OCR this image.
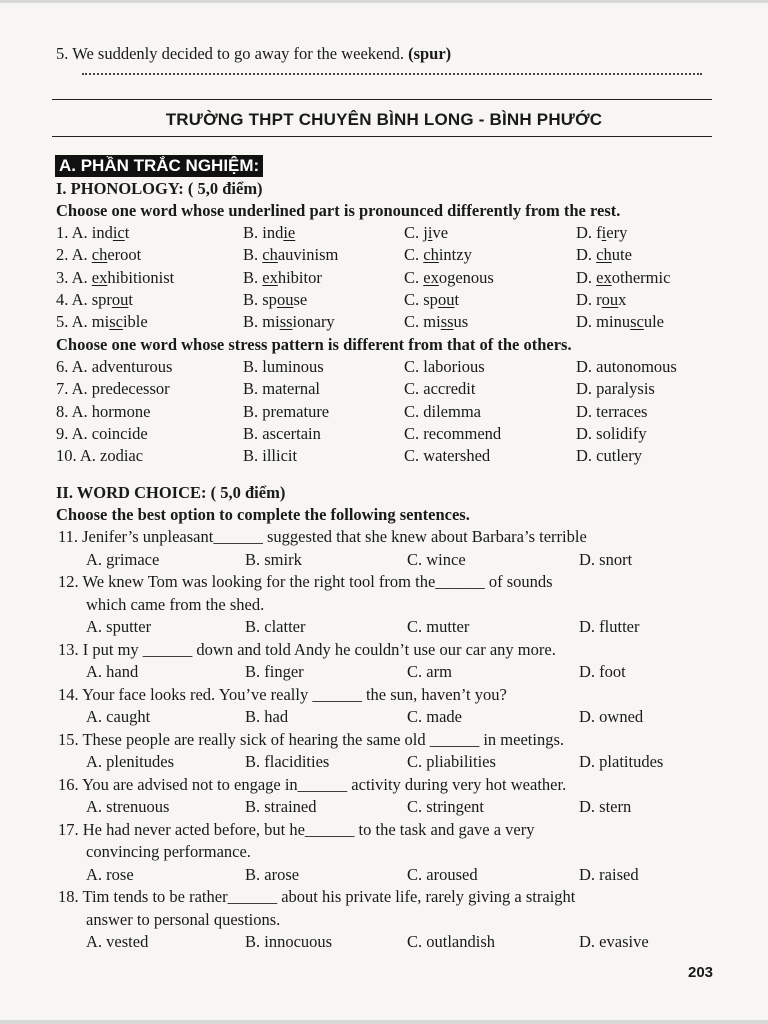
5. We suddenly decided to go away for the weekend. (spur)
TRƯỜNG THPT CHUYÊN BÌNH LONG - BÌNH PHƯỚC
A. PHẦN TRẮC NGHIỆM:
I. PHONOLOGY: ( 5,0 điểm)
Choose one word whose underlined part is pronounced differently from the rest.
1. A. indict	B. indie	C. jive	D. fiery
2. A. cheroot	B. chauvinism	C. chintzy	D. chute
3. A. exhibitionist	B. exhibitor	C. exogenous	D. exothermic
4. A. sprout	B. spouse	C. spout	D. roux
5. A. miscible	B. missionary	C. missus	D. minuscule
Choose one word whose stress pattern is different from that of the others.
6. A. adventurous	B. luminous	C. laborious	D. autonomous
7. A. predecessor	B. maternal	C. accredit	D. paralysis
8. A. hormone	B. premature	C. dilemma	D. terraces
9. A. coincide	B. ascertain	C. recommend	D. solidify
10. A. zodiac	B. illicit	C. watershed	D. cutlery
II. WORD CHOICE: ( 5,0 điểm)
Choose the best option to complete the following sentences.
11. Jenifer’s unpleasant______ suggested that she knew about Barbara’s terrible
A. grimace	B. smirk	C. wince	D. snort
12. We knew Tom was looking for the right tool from the______ of sounds
which came from the shed.
A. sputter	B. clatter	C. mutter	D. flutter
13. I put my ______ down and told Andy he couldn’t use our car any more.
A. hand	B. finger	C. arm	D. foot
14. Your face looks red. You’ve really ______ the sun, haven’t you?
A. caught	B. had	C. made	D. owned
15. These people are really sick of hearing the same old ______ in meetings.
A. plenitudes	B. flacidities	C. pliabilities	D. platitudes
16. You are advised not to engage in______ activity during very hot weather.
A. strenuous	B. strained	C. stringent	D. stern
17. He had never acted before, but he______ to the task and gave a very
convincing performance.
A. rose	B. arose	C. aroused	D. raised
18. Tim tends to be rather______ about his private life, rarely giving a straight
answer to personal questions.
A. vested	B. innocuous	C. outlandish	D. evasive
203
